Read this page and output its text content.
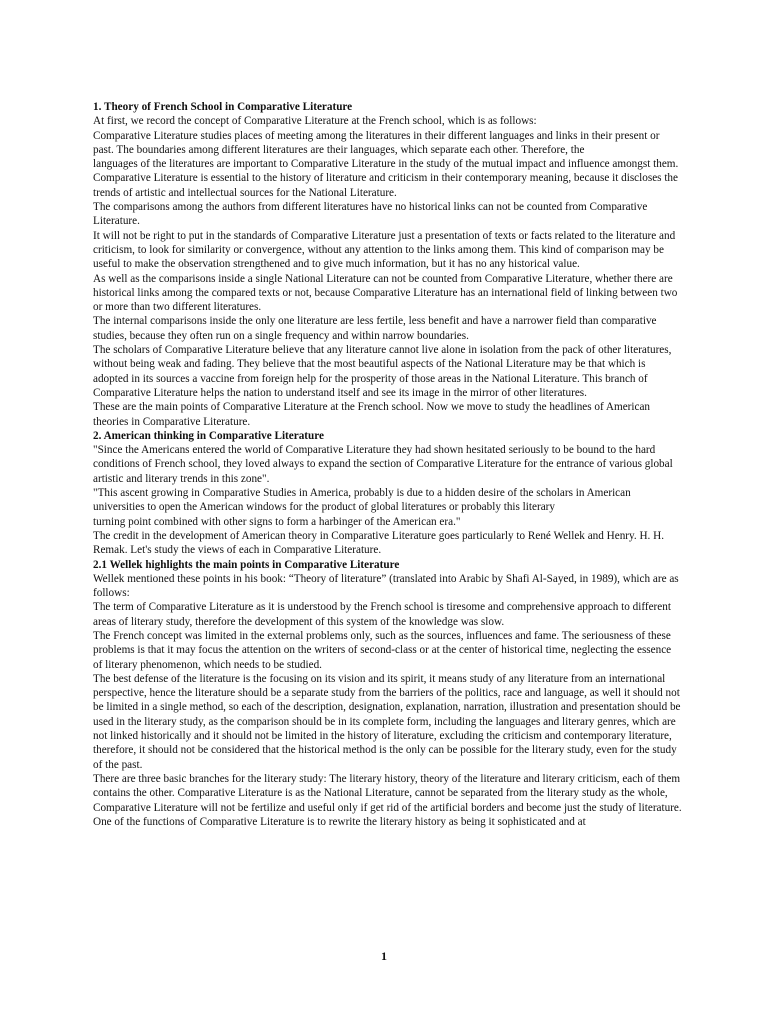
1. Theory of French School in Comparative Literature

At first, we record the concept of Comparative Literature at the French school, which is as follows:

Comparative Literature studies places of meeting among the literatures in their different languages and links in their present or past. The boundaries among different literatures are their languages, which separate each other. Therefore, the

languages of the literatures are important to Comparative Literature in the study of the mutual impact and influence amongst them.

Comparative Literature is essential to the history of literature and criticism in their contemporary meaning, because it discloses the trends of artistic and intellectual sources for the National Literature.

The comparisons among the authors from different literatures have no historical links can not be counted from Comparative Literature.

It will not be right to put in the standards of Comparative Literature just a presentation of texts or facts related to the literature and criticism, to look for similarity or convergence, without any attention to the links among them. This kind of comparison may be useful to make the observation strengthened and to give much information, but it has no any historical value.

As well as the comparisons inside a single National Literature can not be counted from Comparative Literature, whether there are historical links among the compared texts or not, because Comparative Literature has an international field of linking between two or more than two different literatures.

The internal comparisons inside the only one literature are less fertile, less benefit and have a narrower field than comparative studies, because they often run on a single frequency and within narrow boundaries.

The scholars of Comparative Literature believe that any literature cannot live alone in isolation from the pack of other literatures, without being weak and fading. They believe that the most beautiful aspects of the National Literature may be that which is adopted in its sources a vaccine from foreign help for the prosperity of those areas in the National Literature. This branch of Comparative Literature helps the nation to understand itself and see its image in the mirror of other literatures.

These are the main points of Comparative Literature at the French school. Now we move to study the headlines of American theories in Comparative Literature.

2. American thinking in Comparative Literature

"Since the Americans entered the world of Comparative Literature they had shown hesitated seriously to be bound to the hard conditions of French school, they loved always to expand the section of Comparative Literature for the entrance of various global artistic and literary trends in this zone".

"This ascent growing in Comparative Studies in America, probably is due to a hidden desire of the scholars in American universities to open the American windows for the product of global literatures or probably this literary

turning point combined with other signs to form a harbinger of the American era."

The credit in the development of American theory in Comparative Literature goes particularly to René Wellek and Henry. H. H. Remak. Let's study the views of each in Comparative Literature.

2.1 Wellek highlights the main points in Comparative Literature

Wellek mentioned these points in his book: “Theory of literature” (translated into Arabic by Shafi Al-Sayed, in 1989), which are as follows:

The term of Comparative Literature as it is understood by the French school is tiresome and comprehensive approach to different areas of literary study, therefore the development of this system of the knowledge was slow.

The French concept was limited in the external problems only, such as the sources, influences and fame. The seriousness of these problems is that it may focus the attention on the writers of second-class or at the center of historical time, neglecting the essence of literary phenomenon, which needs to be studied.

The best defense of the literature is the focusing on its vision and its spirit, it means study of any literature from an international perspective, hence the literature should be a separate study from the barriers of the politics, race and language, as well it should not be limited in a single method, so each of the description, designation, explanation, narration, illustration and presentation should be used in the literary study, as the comparison should be in its complete form, including the languages and literary genres, which are not linked historically and it should not be limited in the history of literature, excluding the criticism and contemporary literature, therefore, it should not be considered that the historical method is the only can be possible for the literary study, even for the study of the past.

There are three basic branches for the literary study: The literary history, theory of the literature and literary criticism, each of them contains the other. Comparative Literature is as the National Literature, cannot be separated from the literary study as the whole, Comparative Literature will not be fertilize and useful only if get rid of the artificial borders and become just the study of literature.

One of the functions of Comparative Literature is to rewrite the literary history as being it sophisticated and at

1
